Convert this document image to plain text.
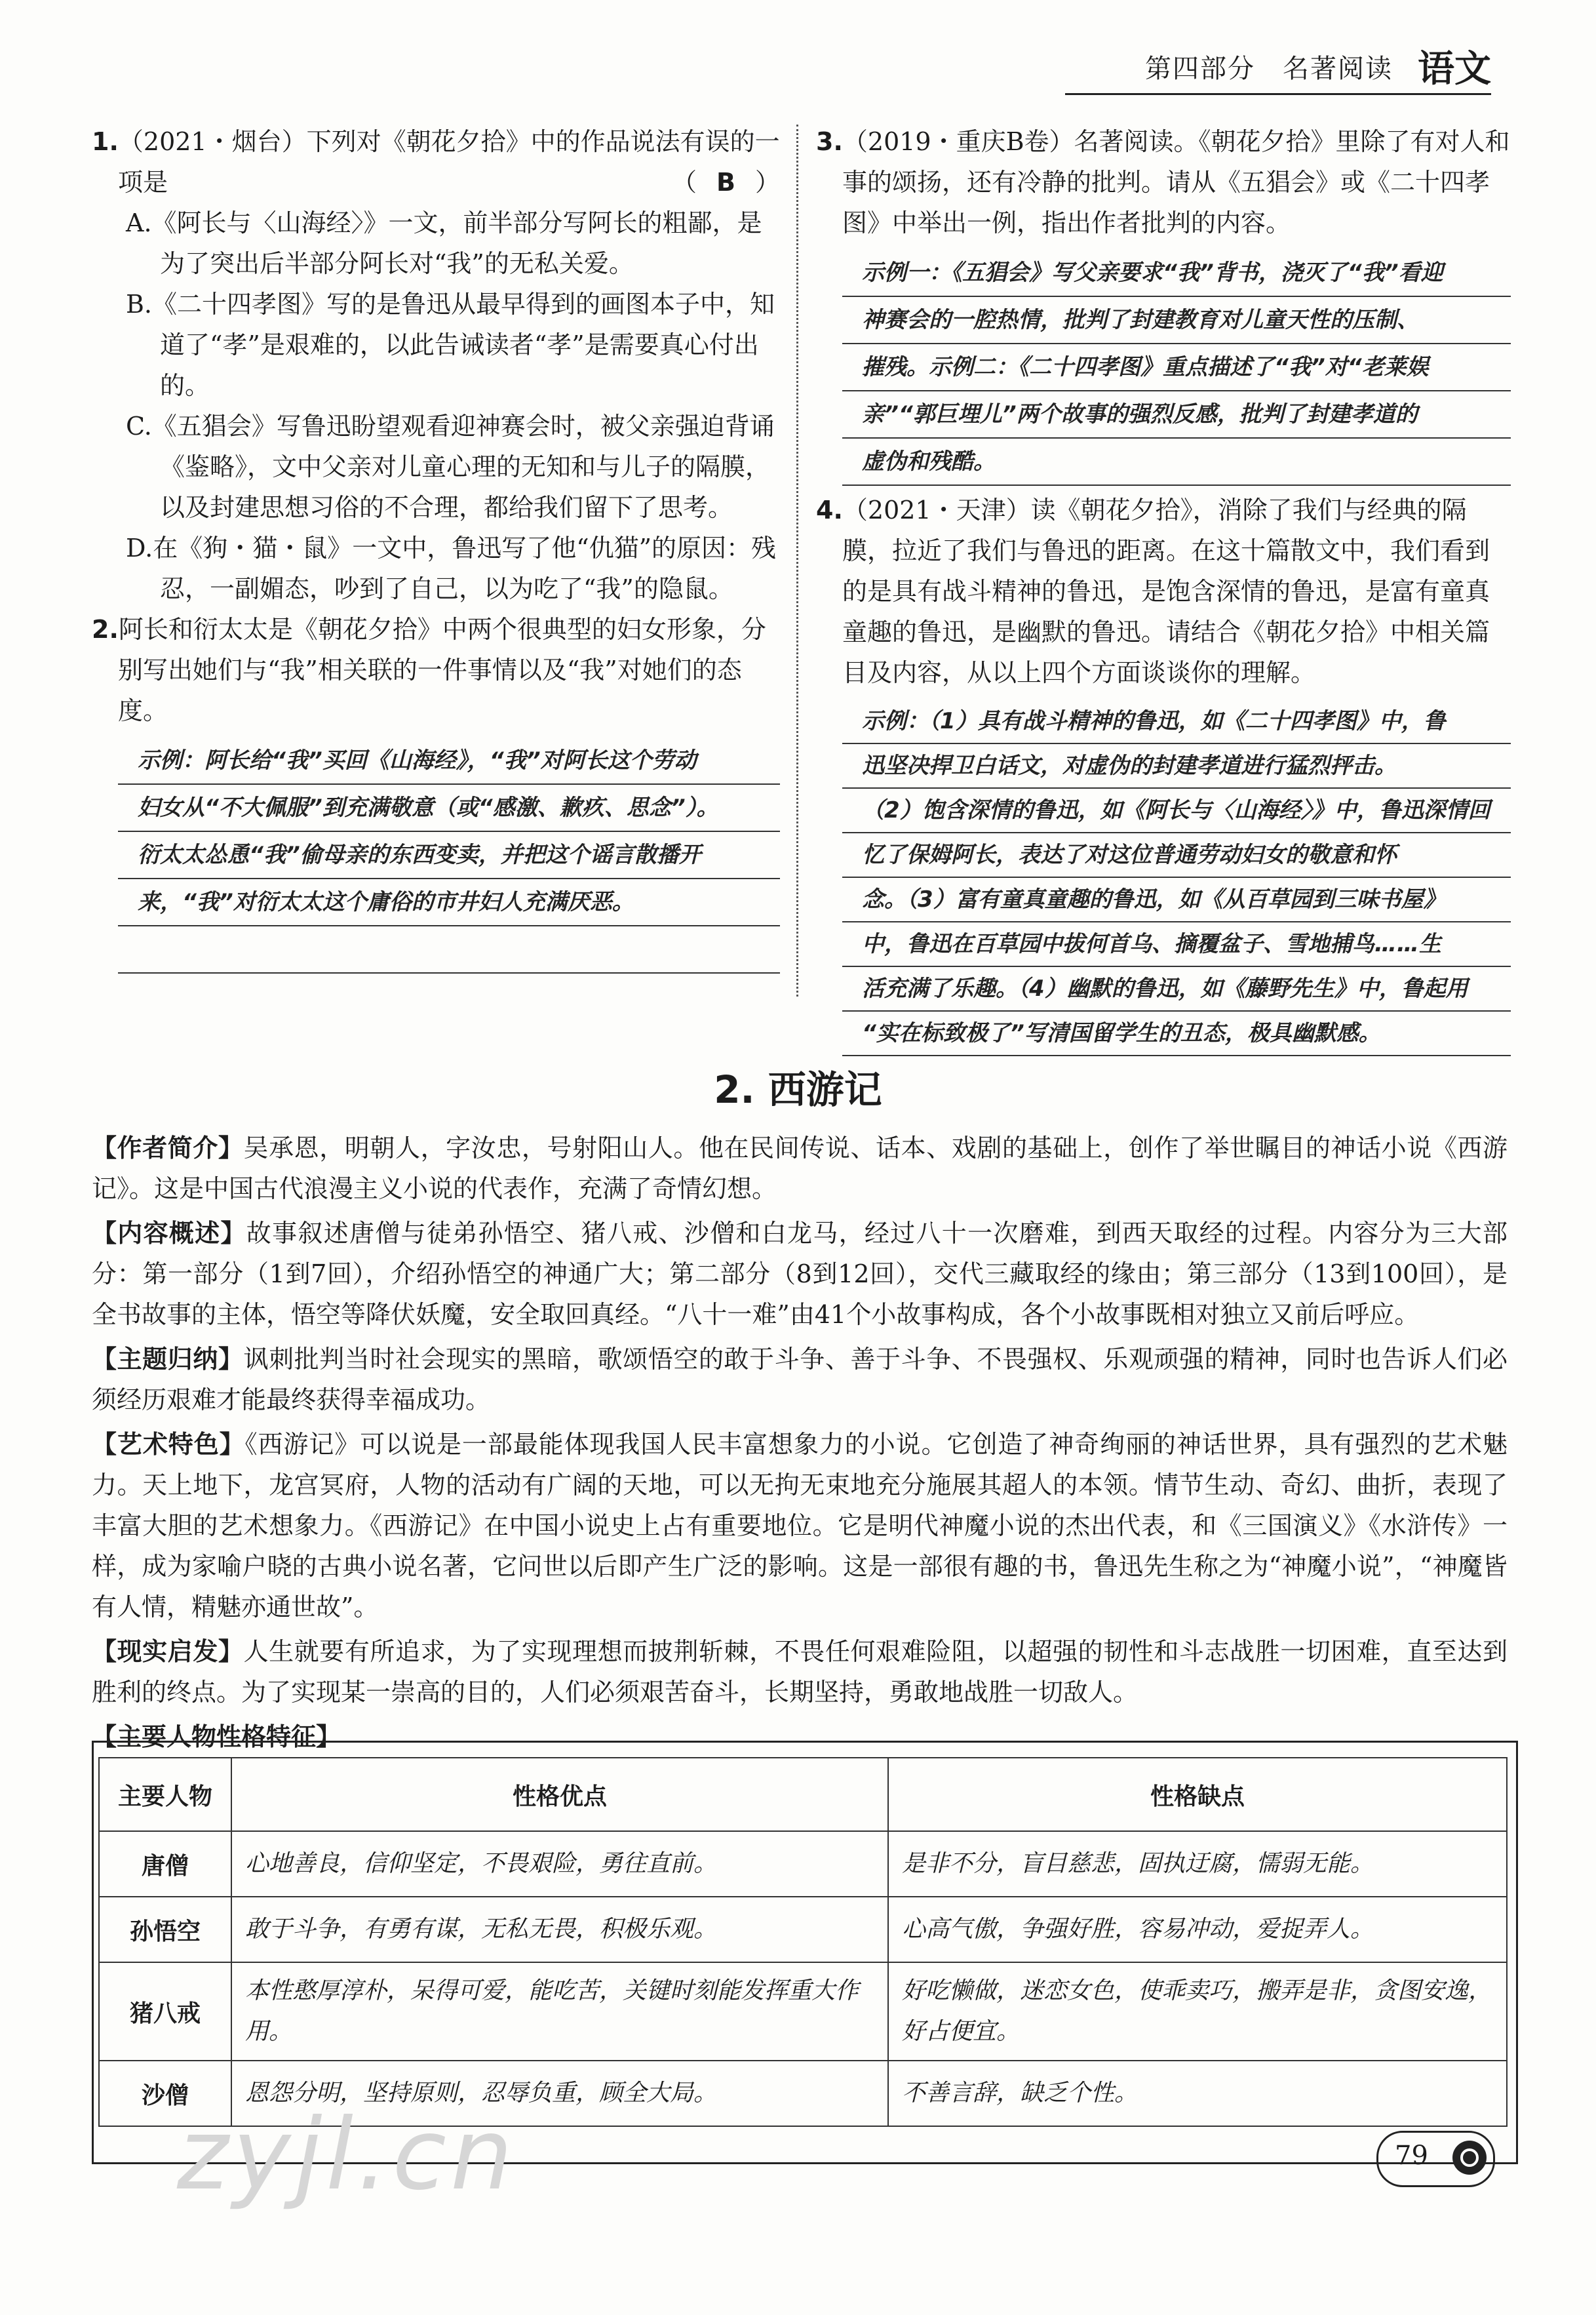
第四部分　名著阅读 语文
1.（2021・烟台）下列对《朝花夕拾》中的作品说法有误的一
项是	（ B ）

A.《阿长与〈山海经〉》一文，前半部分写阿长的粗鄙，是为了突出后半部分阿长对“我”的无私关爱。

B.《二十四孝图》写的是鲁迅从最早得到的画图本子中，知道了“孝”是艰难的，以此告诫读者“孝”是需要真心付出的。

C.《五猖会》写鲁迅盼望观看迎神赛会时，被父亲强迫背诵《鉴略》，文中父亲对儿童心理的无知和与儿子的隔膜，以及封建思想习俗的不合理，都给我们留下了思考。

D.在《狗・猫・鼠》一文中，鲁迅写了他“仇猫”的原因：残忍，一副媚态，吵到了自己，以为吃了“我”的隐鼠。

2.阿长和衍太太是《朝花夕拾》中两个很典型的妇女形象，分别写出她们与“我”相关联的一件事情以及“我”对她们的态度。
示例：阿长给“我”买回《山海经》，“我”对阿长这个劳动
妇女从“不大佩服”到充满敬意（或“感激、歉疚、思念”）。
衍太太怂恿“我”偷母亲的东西变卖，并把这个谣言散播开
来，“我”对衍太太这个庸俗的市井妇人充满厌恶。
3.（2019・重庆B卷）名著阅读。《朝花夕拾》里除了有对人和事的颂扬，还有冷静的批判。请从《五猖会》或《二十四孝图》中举出一例，指出作者批判的内容。
示例一：《五猖会》写父亲要求“我”背书，浇灭了“我”看迎
神赛会的一腔热情，批判了封建教育对儿童天性的压制、
摧残。示例二：《二十四孝图》重点描述了“我”对“老莱娱
亲”“郭巨埋儿”两个故事的强烈反感，批判了封建孝道的
虚伪和残酷。
4.（2021・天津）读《朝花夕拾》，消除了我们与经典的隔膜，拉近了我们与鲁迅的距离。在这十篇散文中，我们看到的是具有战斗精神的鲁迅，是饱含深情的鲁迅，是富有童真童趣的鲁迅，是幽默的鲁迅。请结合《朝花夕拾》中相关篇目及内容，从以上四个方面谈谈你的理解。
示例：（1）具有战斗精神的鲁迅，如《二十四孝图》中，鲁
迅坚决捍卫白话文，对虚伪的封建孝道进行猛烈抨击。
（2）饱含深情的鲁迅，如《阿长与〈山海经〉》中，鲁迅深情回
忆了保姆阿长，表达了对这位普通劳动妇女的敬意和怀
念。（3）富有童真童趣的鲁迅，如《从百草园到三味书屋》
中，鲁迅在百草园中拔何首乌、摘覆盆子、雪地捕鸟……生
活充满了乐趣。（4）幽默的鲁迅，如《藤野先生》中，鲁起用
“实在标致极了”写清国留学生的丑态，极具幽默感。
2. 西游记

【作者简介】吴承恩，明朝人，字汝忠，号射阳山人。他在民间传说、话本、戏剧的基础上，创作了举世瞩目的神话小说《西游记》。这是中国古代浪漫主义小说的代表作，充满了奇情幻想。

【内容概述】故事叙述唐僧与徒弟孙悟空、猪八戒、沙僧和白龙马，经过八十一次磨难，到西天取经的过程。内容分为三大部分：第一部分（1到7回），介绍孙悟空的神通广大；第二部分（8到12回），交代三藏取经的缘由；第三部分（13到100回），是全书故事的主体，悟空等降伏妖魔，安全取回真经。“八十一难”由41个小故事构成，各个小故事既相对独立又前后呼应。

【主题归纳】讽刺批判当时社会现实的黑暗，歌颂悟空的敢于斗争、善于斗争、不畏强权、乐观顽强的精神，同时也告诉人们必须经历艰难才能最终获得幸福成功。

【艺术特色】《西游记》可以说是一部最能体现我国人民丰富想象力的小说。它创造了神奇绚丽的神话世界，具有强烈的艺术魅力。天上地下，龙宫冥府，人物的活动有广阔的天地，可以无拘无束地充分施展其超人的本领。情节生动、奇幻、曲折，表现了丰富大胆的艺术想象力。《西游记》在中国小说史上占有重要地位。它是明代神魔小说的杰出代表，和《三国演义》《水浒传》一样，成为家喻户晓的古典小说名著，它问世以后即产生广泛的影响。这是一部很有趣的书，鲁迅先生称之为“神魔小说”，“神魔皆有人情，精魅亦通世故”。

【现实启发】人生就要有所追求，为了实现理想而披荆斩棘，不畏任何艰难险阻，以超强的韧性和斗志战胜一切困难，直至达到胜利的终点。为了实现某一崇高的目的，人们必须艰苦奋斗，长期坚持，勇敢地战胜一切敌人。

【主要人物性格特征】
主要人物	性格优点	性格缺点
唐僧	心地善良，信仰坚定，不畏艰险，勇往直前。	是非不分，盲目慈悲，固执迂腐，懦弱无能。
孙悟空	敢于斗争，有勇有谋，无私无畏，积极乐观。	心高气傲，争强好胜，容易冲动，爱捉弄人。
猪八戒	本性憨厚淳朴，呆得可爱，能吃苦，关键时刻能发挥重大作用。	好吃懒做，迷恋女色，使乖卖巧，搬弄是非，贪图安逸，好占便宜。
沙僧	恩怨分明，坚持原则，忍辱负重，顾全大局。	不善言辞，缺乏个性。
zyjl.cn	79
